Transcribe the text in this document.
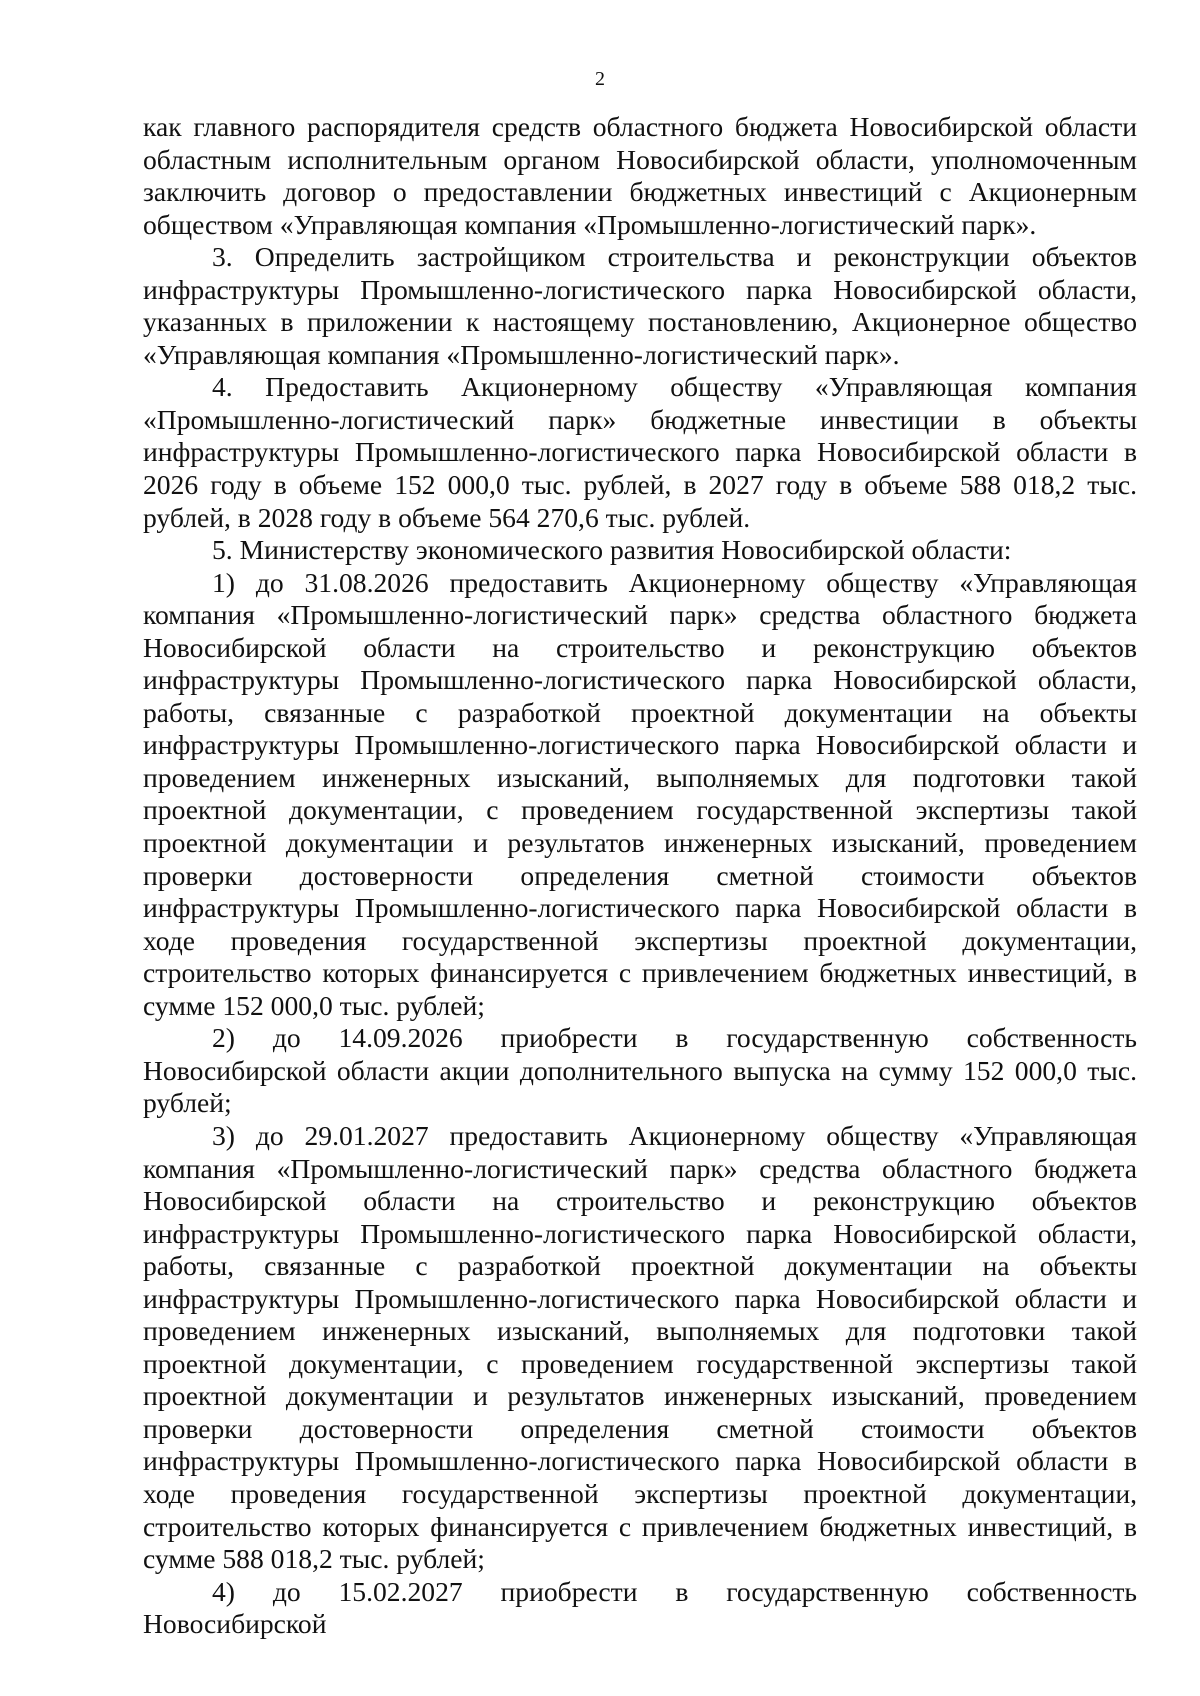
2

как главного распорядителя средств областного бюджета Новосибирской области областным исполнительным органом Новосибирской области, уполномоченным заключить договор о предоставлении бюджетных инвестиций с Акционерным обществом «Управляющая компания «Промышленно-логистический парк».

3. Определить застройщиком строительства и реконструкции объектов инфраструктуры Промышленно-логистического парка Новосибирской области, указанных в приложении к настоящему постановлению, Акционерное общество «Управляющая компания «Промышленно-логистический парк».

4. Предоставить Акционерному обществу «Управляющая компания «Промышленно-логистический парк» бюджетные инвестиции в объекты инфраструктуры Промышленно-логистического парка Новосибирской области в 2026 году в объеме 152 000,0 тыс. рублей, в 2027 году в объеме 588 018,2 тыс. рублей, в 2028 году в объеме 564 270,6 тыс. рублей.

5. Министерству экономического развития Новосибирской области:

1) до 31.08.2026 предоставить Акционерному обществу «Управляющая компания «Промышленно-логистический парк» средства областного бюджета Новосибирской области на строительство и реконструкцию объектов инфраструктуры Промышленно-логистического парка Новосибирской области, работы, связанные с разработкой проектной документации на объекты инфраструктуры Промышленно-логистического парка Новосибирской области и проведением инженерных изысканий, выполняемых для подготовки такой проектной документации, с проведением государственной экспертизы такой проектной документации и результатов инженерных изысканий, проведением проверки достоверности определения сметной стоимости объектов инфраструктуры Промышленно-логистического парка Новосибирской области в ходе проведения государственной экспертизы проектной документации, строительство которых финансируется с привлечением бюджетных инвестиций, в сумме 152 000,0 тыс. рублей;

2) до 14.09.2026 приобрести в государственную собственность Новосибирской области акции дополнительного выпуска на сумму 152 000,0 тыс. рублей;

3) до 29.01.2027 предоставить Акционерному обществу «Управляющая компания «Промышленно-логистический парк» средства областного бюджета Новосибирской области на строительство и реконструкцию объектов инфраструктуры Промышленно-логистического парка Новосибирской области, работы, связанные с разработкой проектной документации на объекты инфраструктуры Промышленно-логистического парка Новосибирской области и проведением инженерных изысканий, выполняемых для подготовки такой проектной документации, с проведением государственной экспертизы такой проектной документации и результатов инженерных изысканий, проведением проверки достоверности определения сметной стоимости объектов инфраструктуры Промышленно-логистического парка Новосибирской области в ходе проведения государственной экспертизы проектной документации, строительство которых финансируется с привлечением бюджетных инвестиций, в сумме 588 018,2 тыс. рублей;

4) до 15.02.2027 приобрести в государственную собственность Новосибирской
